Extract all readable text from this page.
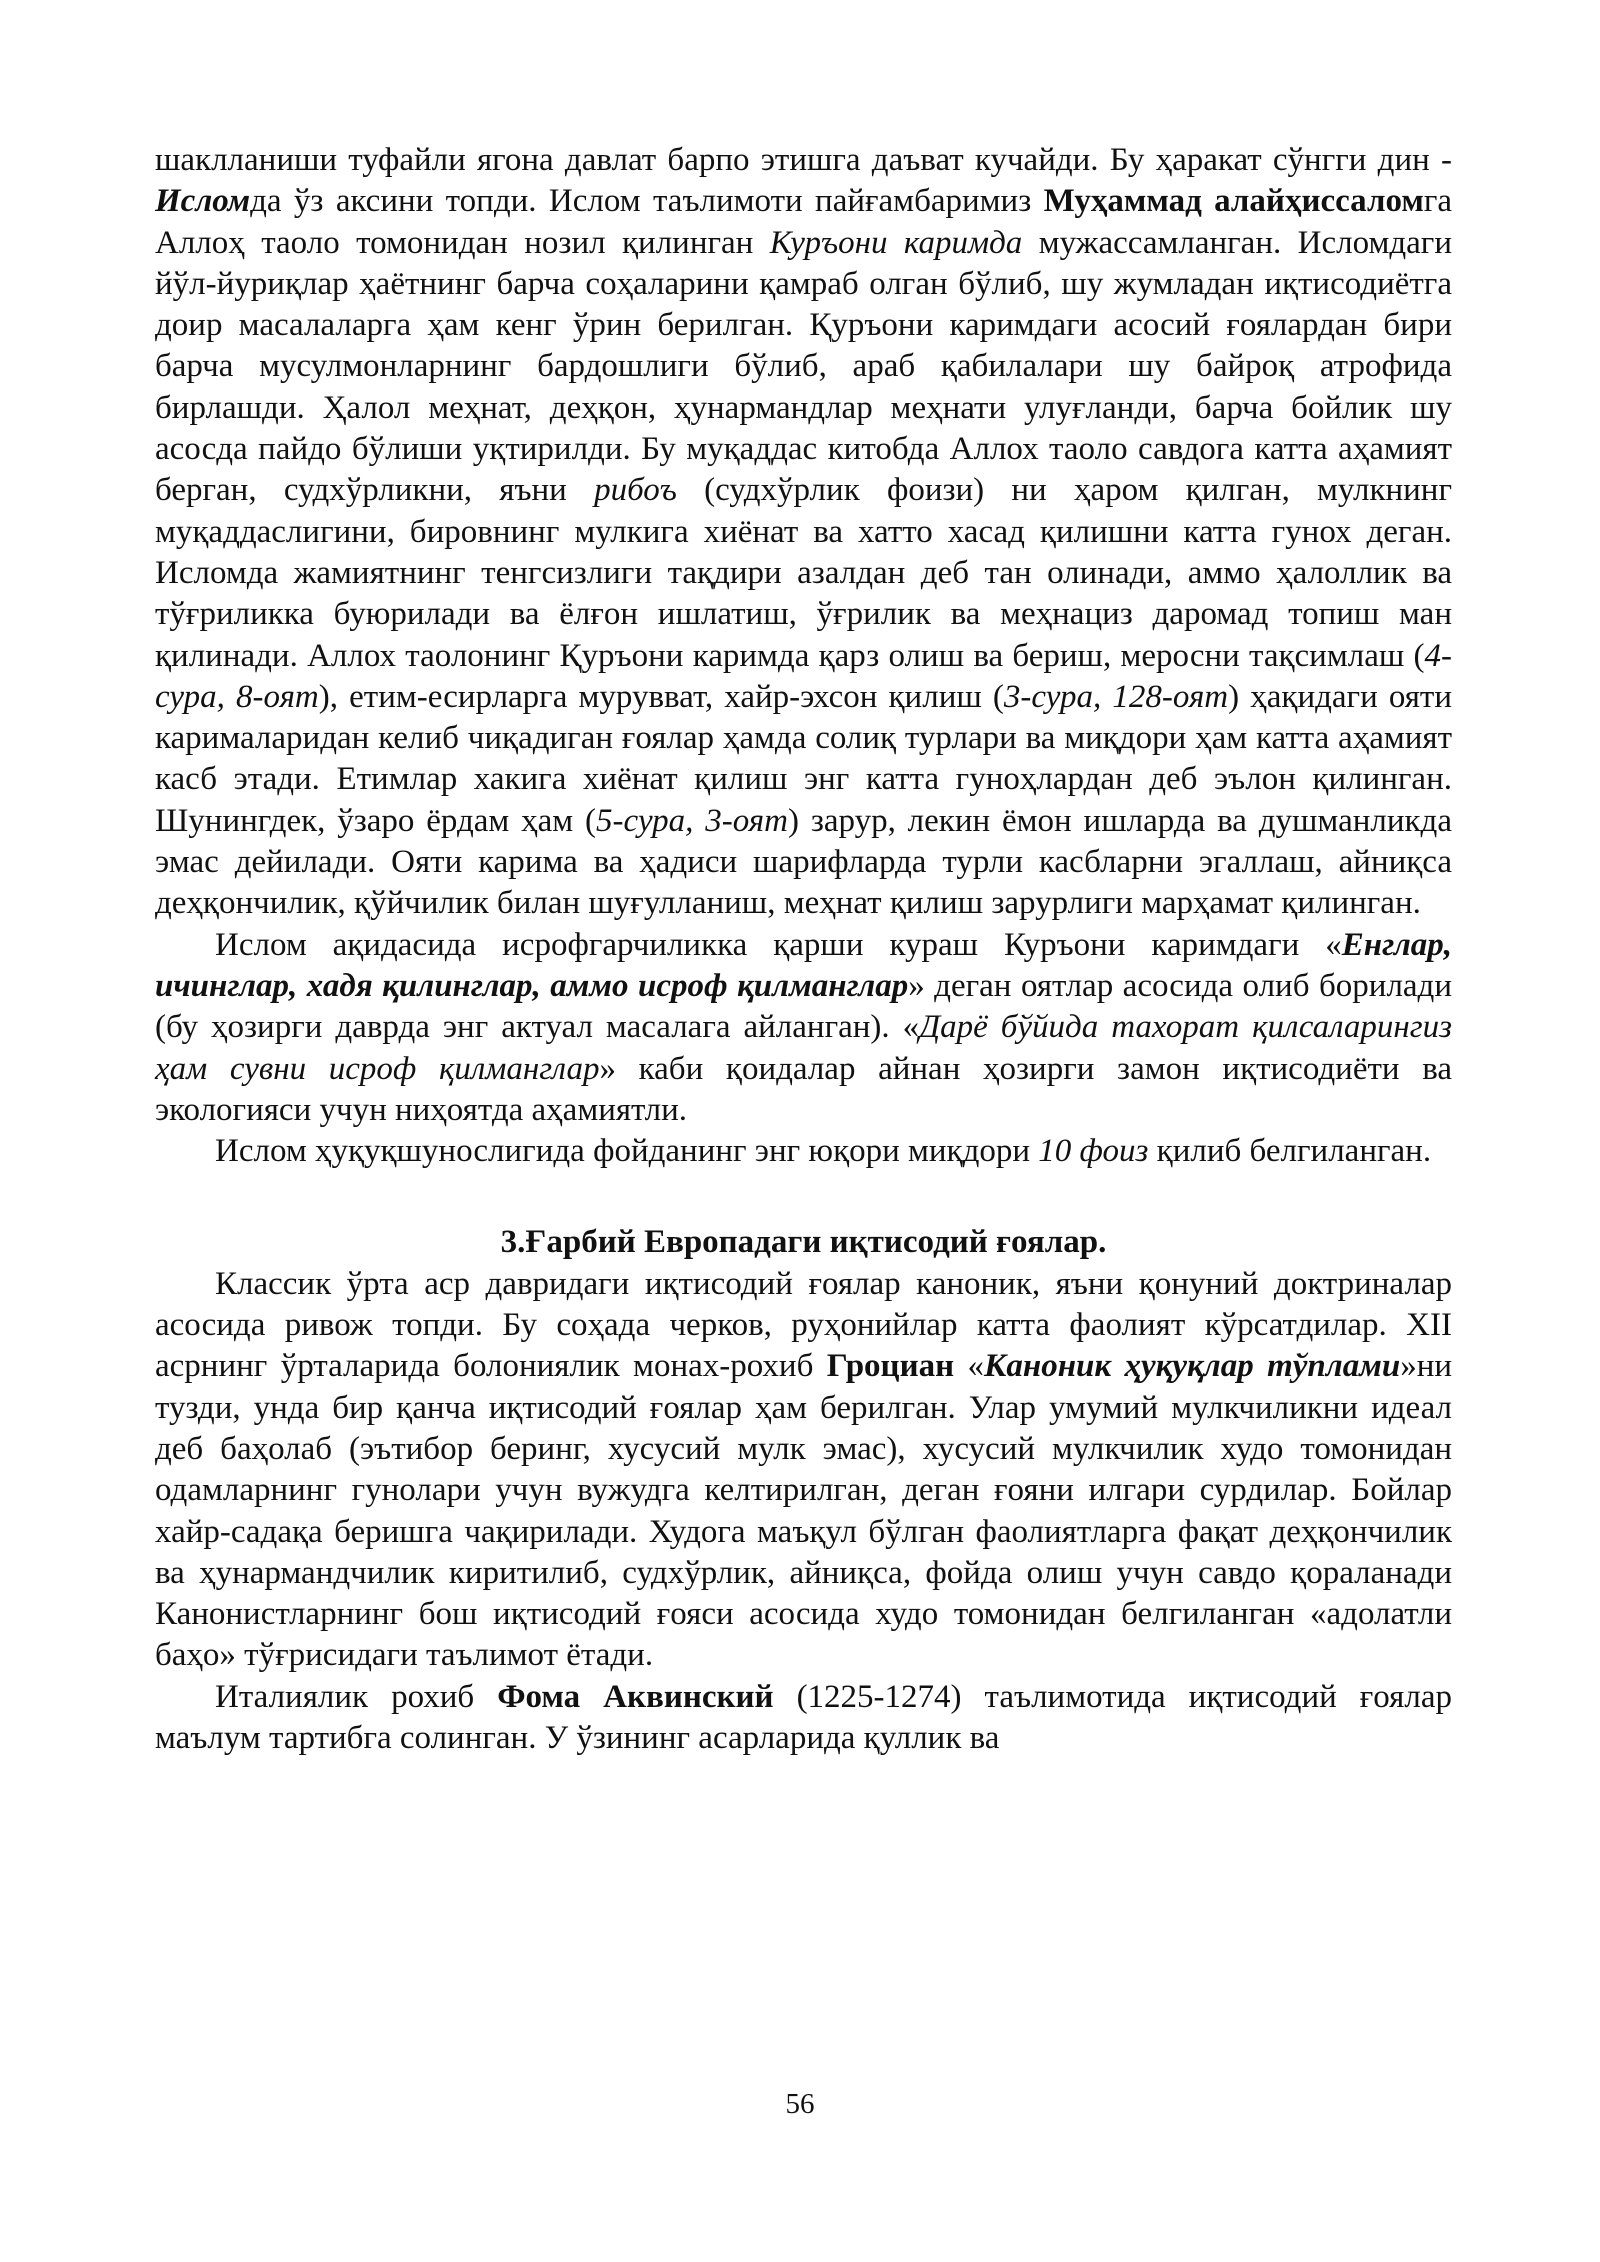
шаклланиши туфайли ягона давлат барпо этишга даъват кучайди. Бу ҳаракат сўнгги дин - Исломда ўз аксини топди. Ислом таълимоти пайғамбаримиз Муҳаммад алайҳиссаломга Аллоҳ таоло томонидан нозил қилинган Куръони каримда мужассамланган. Исломдаги йўл-йуриқлар ҳаётнинг барча соҳаларини қамраб олган бўлиб, шу жумладан иқтисодиётга доир масалаларга ҳам кенг ўрин берилган. Қуръони каримдаги асосий ғоялардан бири барча мусулмонларнинг бардошлиги бўлиб, араб қабилалари шу байроқ атрофида бирлашди. Ҳалол меҳнат, деҳқон, ҳунармандлар меҳнати улуғланди, барча бойлик шу асосда пайдо бўлиши уқтирилди. Бу муқаддас китобда Аллох таоло савдога катта аҳамият берган, судхўрликни, яъни рибоъ (судхўрлик фоизи) ни ҳаром қилган, мулкнинг муқаддаслигини, бировнинг мулкига хиёнат ва хатто хасад қилишни катта гунох деган. Исломда жамиятнинг тенгсизлиги тақдири азалдан деб тан олинади, аммо ҳалоллик ва тўғриликка буюрилади ва ёлғон ишлатиш, ўғрилик ва меҳнациз даромад топиш ман қилинади. Аллох таолонинг Қуръони каримда қарз олиш ва бериш, меросни тақсимлаш (4-сура, 8-оят), етим-есирларга мурувват, хайр-эхсон қилиш (3-сура, 128-оят) ҳақидаги ояти карималаридан келиб чиқадиган ғоялар ҳамда солиқ турлари ва миқдори ҳам катта аҳамият касб этади. Етимлар хакига хиёнат қилиш энг катта гуноҳлардан деб эълон қилинган. Шунингдек, ўзаро ёрдам ҳам (5-сура, 3-оят) зарур, лекин ёмон ишларда ва душманликда эмас дейилади. Ояти карима ва ҳадиси шарифларда турли касбларни эгаллаш, айниқса деҳқончилик, қўйчилик билан шуғулланиш, меҳнат қилиш зарурлиги марҳамат қилинган.

Ислом ақидасида исрофгарчиликка қарши кураш Куръони каримдаги «Енглар, ичинглар, хадя қилинглар, аммо исроф қилманглар» деган оятлар асосида олиб борилади (бу ҳозирги даврда энг актуал масалага айланган). «Дарё бўйида тахорат қилсаларингиз ҳам сувни исроф қилманглар» каби қоидалар айнан ҳозирги замон иқтисодиёти ва экологияси учун ниҳоятда аҳамиятли.

Ислом ҳуқуқшунослигида фойданинг энг юқори миқдори 10 фоиз қилиб белгиланган.

3.Ғарбий Европадаги иқтисодий ғоялар.

Классик ўрта аср давридаги иқтисодий ғоялар каноник, яъни қонуний доктриналар асосида ривож топди. Бу соҳада черков, руҳонийлар катта фаолият кўрсатдилар. XII асрнинг ўрталарида болониялик монах-рохиб Гроциан «Каноник ҳуқуқлар тўплами»ни тузди, унда бир қанча иқтисодий ғоялар ҳам берилган. Улар умумий мулкчиликни идеал деб баҳолаб (эътибор беринг, хусусий мулк эмас), хусусий мулкчилик худо томонидан одамларнинг гунолари учун вужудга келтирилган, деган ғояни илгари сурдилар. Бойлар хайр-садақа беришга чақирилади. Худога маъқул бўлган фаолиятларга фақат деҳқончилик ва ҳунармандчилик киритилиб, судхўрлик, айниқса, фойда олиш учун савдо қораланади Канонистларнинг бош иқтисодий ғояси асосида худо томонидан белгиланган «адолатли баҳо» тўғрисидаги таълимот ётади.

Италиялик рохиб Фома Аквинский (1225-1274) таълимотида иқтисодий ғоялар маълум тартибга солинган. У ўзининг асарларида қуллик ва

56
